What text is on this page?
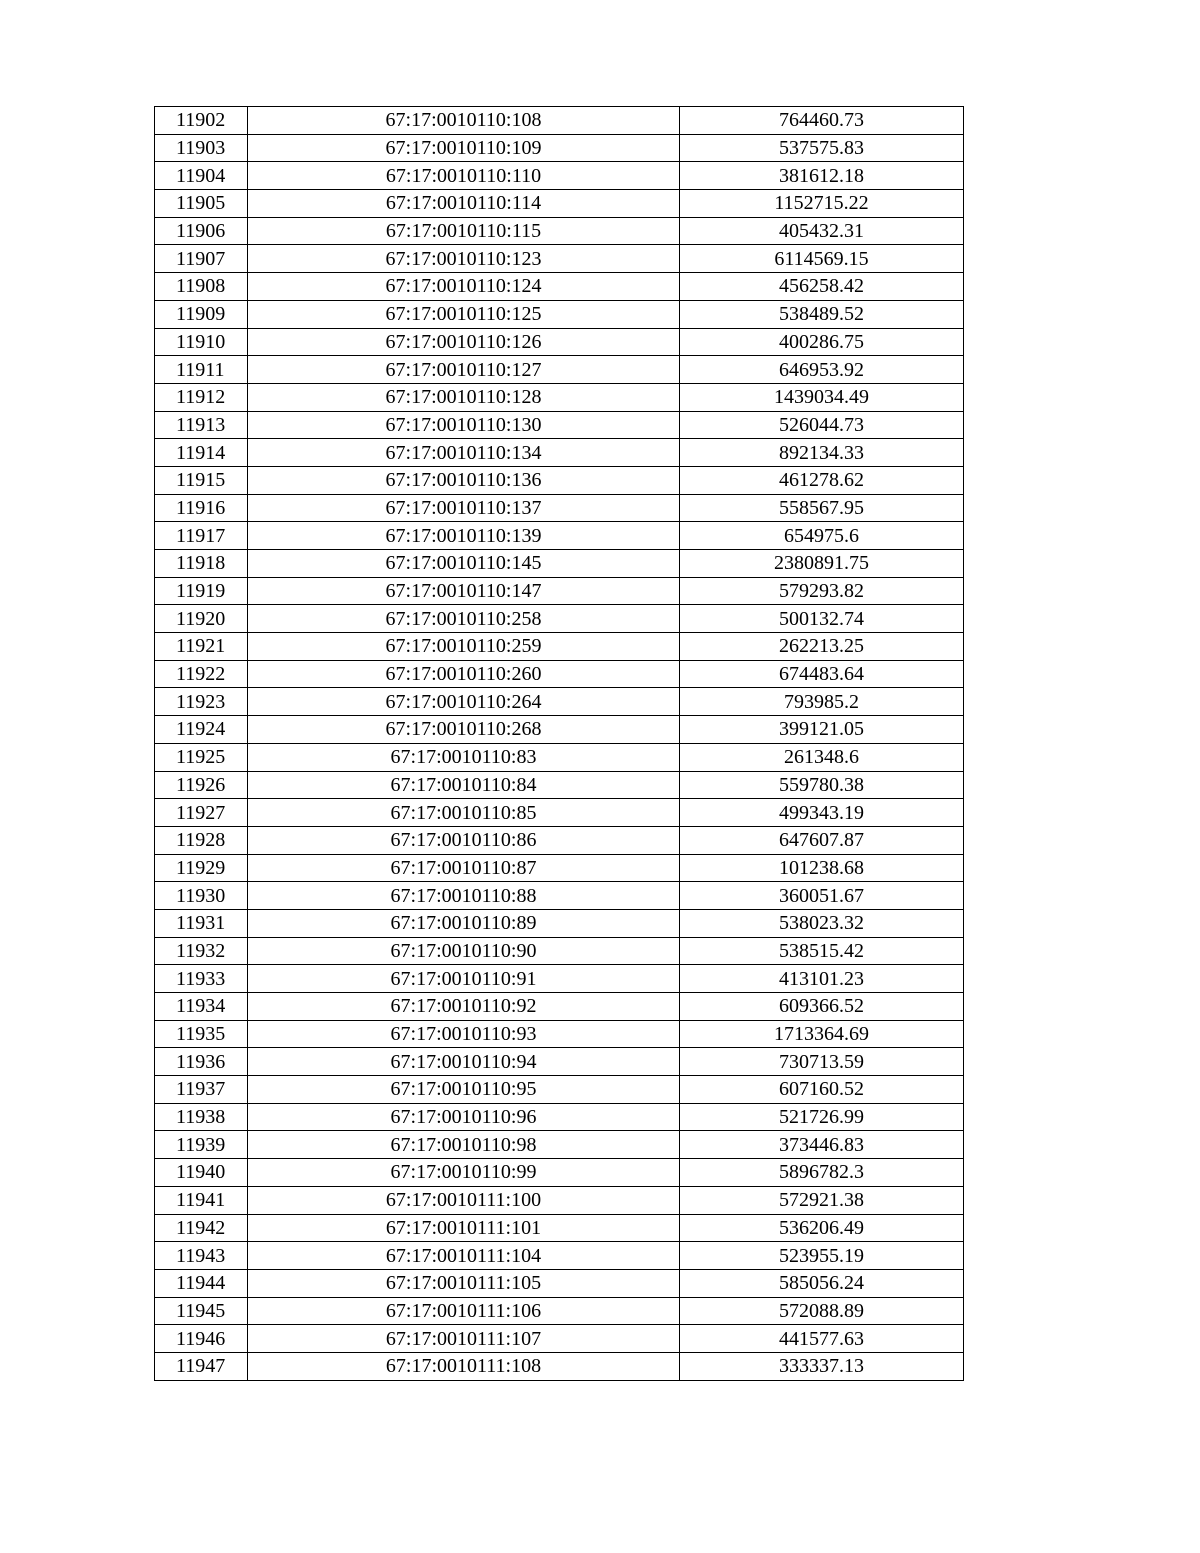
11902	67:17:0010110:108	764460.73
11903	67:17:0010110:109	537575.83
11904	67:17:0010110:110	381612.18
11905	67:17:0010110:114	1152715.22
11906	67:17:0010110:115	405432.31
11907	67:17:0010110:123	6114569.15
11908	67:17:0010110:124	456258.42
11909	67:17:0010110:125	538489.52
11910	67:17:0010110:126	400286.75
11911	67:17:0010110:127	646953.92
11912	67:17:0010110:128	1439034.49
11913	67:17:0010110:130	526044.73
11914	67:17:0010110:134	892134.33
11915	67:17:0010110:136	461278.62
11916	67:17:0010110:137	558567.95
11917	67:17:0010110:139	654975.6
11918	67:17:0010110:145	2380891.75
11919	67:17:0010110:147	579293.82
11920	67:17:0010110:258	500132.74
11921	67:17:0010110:259	262213.25
11922	67:17:0010110:260	674483.64
11923	67:17:0010110:264	793985.2
11924	67:17:0010110:268	399121.05
11925	67:17:0010110:83	261348.6
11926	67:17:0010110:84	559780.38
11927	67:17:0010110:85	499343.19
11928	67:17:0010110:86	647607.87
11929	67:17:0010110:87	101238.68
11930	67:17:0010110:88	360051.67
11931	67:17:0010110:89	538023.32
11932	67:17:0010110:90	538515.42
11933	67:17:0010110:91	413101.23
11934	67:17:0010110:92	609366.52
11935	67:17:0010110:93	1713364.69
11936	67:17:0010110:94	730713.59
11937	67:17:0010110:95	607160.52
11938	67:17:0010110:96	521726.99
11939	67:17:0010110:98	373446.83
11940	67:17:0010110:99	5896782.3
11941	67:17:0010111:100	572921.38
11942	67:17:0010111:101	536206.49
11943	67:17:0010111:104	523955.19
11944	67:17:0010111:105	585056.24
11945	67:17:0010111:106	572088.89
11946	67:17:0010111:107	441577.63
11947	67:17:0010111:108	333337.13
